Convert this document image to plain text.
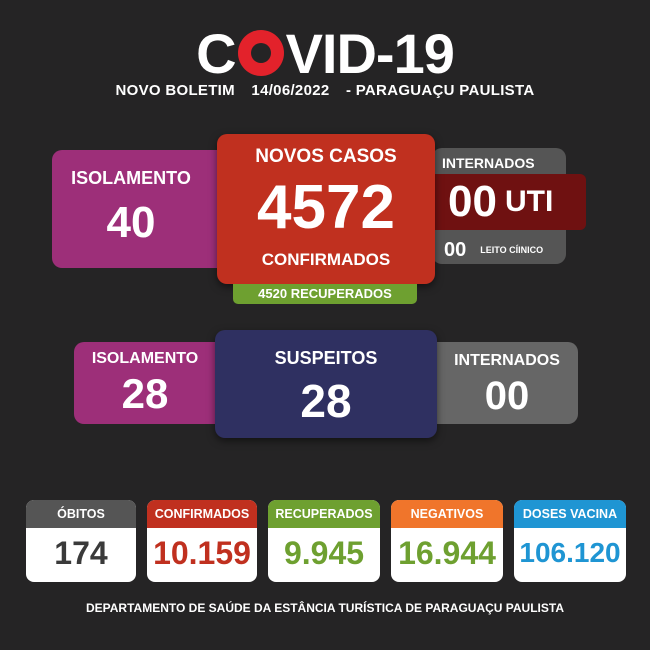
C VID-19
NOVO BOLETIM 14/06/2022 - PARAGUAÇU PAULISTA
ISOLAMENTO
40
INTERNADOS
00 UTI
00 LEITO CÍINICO
NOVOS CASOS
4572
CONFIRMADOS
4520 RECUPERADOS
ISOLAMENTO
28
INTERNADOS
00
SUSPEITOS
28
ÓBITOS
174
CONFIRMADOS
10.159
RECUPERADOS
9.945
NEGATIVOS
16.944
DOSES VACINA
106.120
DEPARTAMENTO DE SAÚDE DA ESTÂNCIA TURÍSTICA DE PARAGUAÇU PAULISTA
